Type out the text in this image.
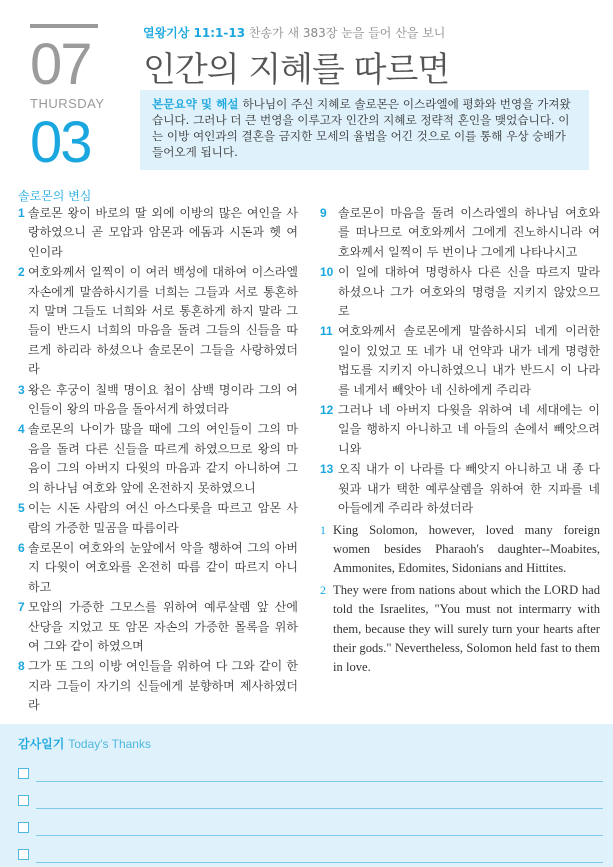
07
THURSDAY
03
열왕기상 11:1-13 찬송가 새 383장 눈을 들어 산을 보니
인간의 지혜를 따르면
본문요약 및 해설 하나님이 주신 지혜로 솔로몬은 이스라엘에 평화와 번영을 가져왔습니다. 그러나 더 큰 번영을 이루고자 인간의 지혜로 정략적 혼인을 맺었습니다. 이는 이방 여인과의 결혼을 금지한 모세의 율법을 어긴 것으로 이를 통해 우상 숭배가 들어오게 됩니다.
솔로몬의 변심
1 솔로몬 왕이 바로의 딸 외에 이방의 많은 여인을 사랑하였으니 곧 모압과 암몬과 에돔과 시돈과 헷 여인이라
2 여호와께서 일찍이 이 여러 백성에 대하여 이스라엘 자손에게 말씀하시기를 너희는 그들과 서로 통혼하지 말며 그들도 너희와 서로 통혼하게 하지 말라 그들이 반드시 너희의 마음을 돌려 그들의 신들을 따르게 하리라 하셨으나 솔로몬이 그들을 사랑하였더라
3 왕은 후궁이 칠백 명이요 첩이 삼백 명이라 그의 여인들이 왕의 마음을 돌아서게 하였더라
4 솔로몬의 나이가 많을 때에 그의 여인들이 그의 마음을 돌려 다른 신들을 따르게 하였으므로 왕의 마음이 그의 아버지 다윗의 마음과 같지 아니하여 그의 하나님 여호와 앞에 온전하지 못하였으니
5 이는 시돈 사람의 여신 아스다롯을 따르고 암몬 사람의 가증한 밀곰을 따름이라
6 솔로몬이 여호와의 눈앞에서 악을 행하여 그의 아버지 다윗이 여호와를 온전히 따름 같이 따르지 아니하고
7 모압의 가증한 그모스를 위하여 예루살렘 앞 산에 산당을 지었고 또 암몬 자손의 가증한 몰록을 위하여 그와 같이 하였으며
8 그가 또 그의 이방 여인들을 위하여 다 그와 같이 한지라 그들이 자기의 신들에게 분향하며 제사하였더라
9 솔로몬이 마음을 돌려 이스라엘의 하나님 여호와를 떠나므로 여호와께서 그에게 진노하시니라 여호와께서 일찍이 두 번이나 그에게 나타나시고
10 이 일에 대하여 명령하사 다른 신을 따르지 말라 하셨으나 그가 여호와의 명령을 지키지 않았으므로
11 여호와께서 솔로몬에게 말씀하시되 네게 이러한 일이 있었고 또 네가 내 언약과 내가 네게 명령한 법도를 지키지 아니하였으니 내가 반드시 이 나라를 네게서 빼앗아 네 신하에게 주리라
12 그러나 네 아버지 다윗을 위하여 네 세대에는 이 일을 행하지 아니하고 네 아들의 손에서 빼앗으려니와
13 오직 내가 이 나라를 다 빼앗지 아니하고 내 종 다윗과 내가 택한 예루살렘을 위하여 한 지파를 네 아들에게 주리라 하셨더라
1 King Solomon, however, loved many foreign women besides Pharaoh's daughter--Moabites, Ammonites, Edomites, Sidonians and Hittites.
2 They were from nations about which the LORD had told the Israelites, "You must not intermarry with them, because they will surely turn your hearts after their gods." Nevertheless, Solomon held fast to them in love.
감사일기 Today's Thanks
